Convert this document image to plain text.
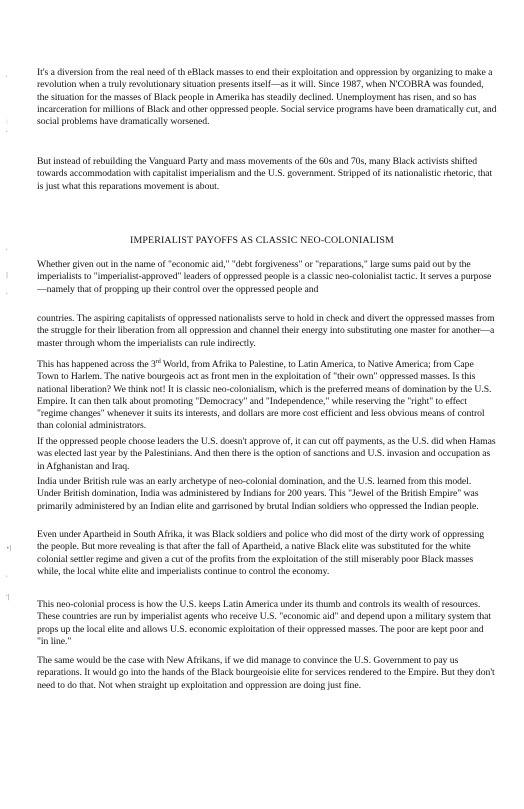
It's a diversion from the real need of th eBlack masses to end their exploitation and oppression by organizing to make a revolution when a truly revolutionary situation presents itself—as it will. Since 1987, when N'COBRA was founded, the situation for the masses of Black people in Amerika has steadily declined. Unemployment has risen, and so has incarceration for millions of Black and other oppressed people. Social service programs have been dramatically cut, and social problems have dramatically worsened.

But instead of rebuilding the Vanguard Party and mass movements of the 60s and 70s, many Black activists shifted towards accommodation with capitalist imperialism and the U.S. government. Stripped of its nationalistic rhetoric, that is just what this reparations movement is about.

IMPERIALIST PAYOFFS AS CLASSIC NEO-COLONIALISM

Whether given out in the name of "economic aid," "debt forgiveness" or "reparations," large sums paid out by the imperialists to "imperialist-approved" leaders of oppressed people is a classic neo-colonialist tactic. It serves a purpose—namely that of propping up their control over the oppressed people and

countries. The aspiring capitalists of oppressed nationalists serve to hold in check and divert the oppressed masses from the struggle for their liberation from all oppression and channel their energy into substituting one master for another—a master through whom the imperialists can rule indirectly.

This has happened across the 3rd World, from Afrika to Palestine, to Latin America, to Native America; from Cape Town to Harlem. The native bourgeois act as front men in the exploitation of "their own" oppressed masses. Is this national liberation? We think not! It is classic neo-colonialism, which is the preferred means of domination by the U.S. Empire. It can then talk about promoting "Democracy" and "Independence," while reserving the "right" to effect "regime changes" whenever it suits its interests, and dollars are more cost efficient and less obvious means of control than colonial administrators.

If the oppressed people choose leaders the U.S. doesn't approve of, it can cut off payments, as the U.S. did when Hamas was elected last year by the Palestinians. And then there is the option of sanctions and U.S. invasion and occupation as in Afghanistan and Iraq.

India under British rule was an early archetype of neo-colonial domination, and the U.S. learned from this model. Under British domination, India was administered by Indians for 200 years. This "Jewel of the British Empire" was primarily administered by an Indian elite and garrisoned by brutal Indian soldiers who oppressed the Indian people.

Even under Apartheid in South Afrika, it was Black soldiers and police who did most of the dirty work of oppressing the people. But more revealing is that after the fall of Apartheid, a native Black elite was substituted for the white colonial settler regime and given a cut of the profits from the exploitation of the still miserably poor Black masses while, the local white elite and imperialists continue to control the economy.

This neo-colonial process is how the U.S. keeps Latin America under its thumb and controls its wealth of resources. These countries are run by imperialist agents who receive U.S. "economic aid" and depend upon a military system that props up the local elite and allows U.S. economic exploitation of their oppressed masses. The poor are kept poor and "in line."

The same would be the case with New Afrikans, if we did manage to convince the U.S. Government to pay us reparations. It would go into the hands of the Black bourgeoisie elite for services rendered to the Empire. But they don't need to do that. Not when straight up exploitation and oppression are doing just fine.

'
:
'
'
|
'
•|
'
'|
